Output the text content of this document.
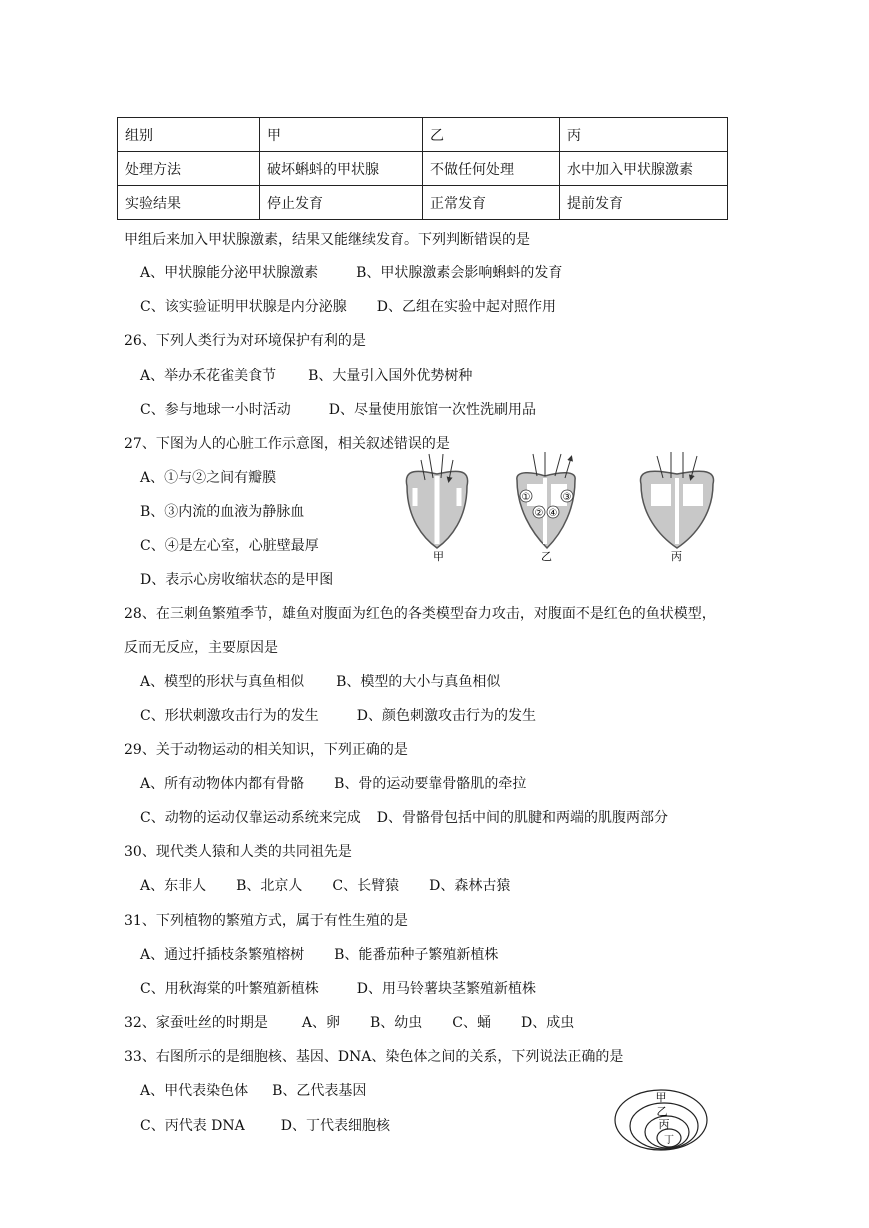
组别	甲	乙	丙
处理方法	破坏蝌蚪的甲状腺	不做任何处理	水中加入甲状腺激素
实验结果	停止发育	正常发育	提前发育
甲组后来加入甲状腺激素，结果又能继续发育。下列判断错误的是
A、甲状腺能分泌甲状腺激素	B、甲状腺激素会影响蝌蚪的发育
C、该实验证明甲状腺是内分泌腺 D、乙组在实验中起对照作用
26、下列人类行为对环境保护有利的是
A、举办禾花雀美食节 B、大量引入国外优势树种
C、参与地球一小时活动	D、尽量使用旅馆一次性洗刷用品
27、下图为人的心脏工作示意图，相关叙述错误的是
A、①与②之间有瓣膜
B、③内流的血液为静脉血
C、④是左心室，心脏壁最厚
D、表示心房收缩状态的是甲图
甲
①
②
③
④
乙	丙
28、在三刺鱼繁殖季节，雄鱼对腹面为红色的各类模型奋力攻击，对腹面不是红色的鱼状模型，
反而无反应，主要原因是
A、模型的形状与真鱼相似 B、模型的大小与真鱼相似
C、形状刺激攻击行为的发生	D、颜色刺激攻击行为的发生
29、关于动物运动的相关知识，下列正确的是
A、所有动物体内都有骨骼 B、骨的运动要靠骨骼肌的牵拉
C、动物的运动仅靠运动系统来完成 D、骨骼骨包括中间的肌腱和两端的肌腹两部分
30、现代类人猿和人类的共同祖先是
A、东非人 B、北京人 C、长臂猿 D、森林古猿
31、下列植物的繁殖方式，属于有性生殖的是
A、通过扦插枝条繁殖榕树 B、能番茄种子繁殖新植株
C、用秋海棠的叶繁殖新植株	D、用马铃薯块茎繁殖新植株
32、家蚕吐丝的时期是 A、卵 B、幼虫 C、蛹 D、成虫
33、右图所示的是细胞核、基因、DNA、染色体之间的关系，下列说法正确的是
A、甲代表染色体 B、乙代表基因
C、丙代表 DNA	D、丁代表细胞核
甲
乙
丙
丁
